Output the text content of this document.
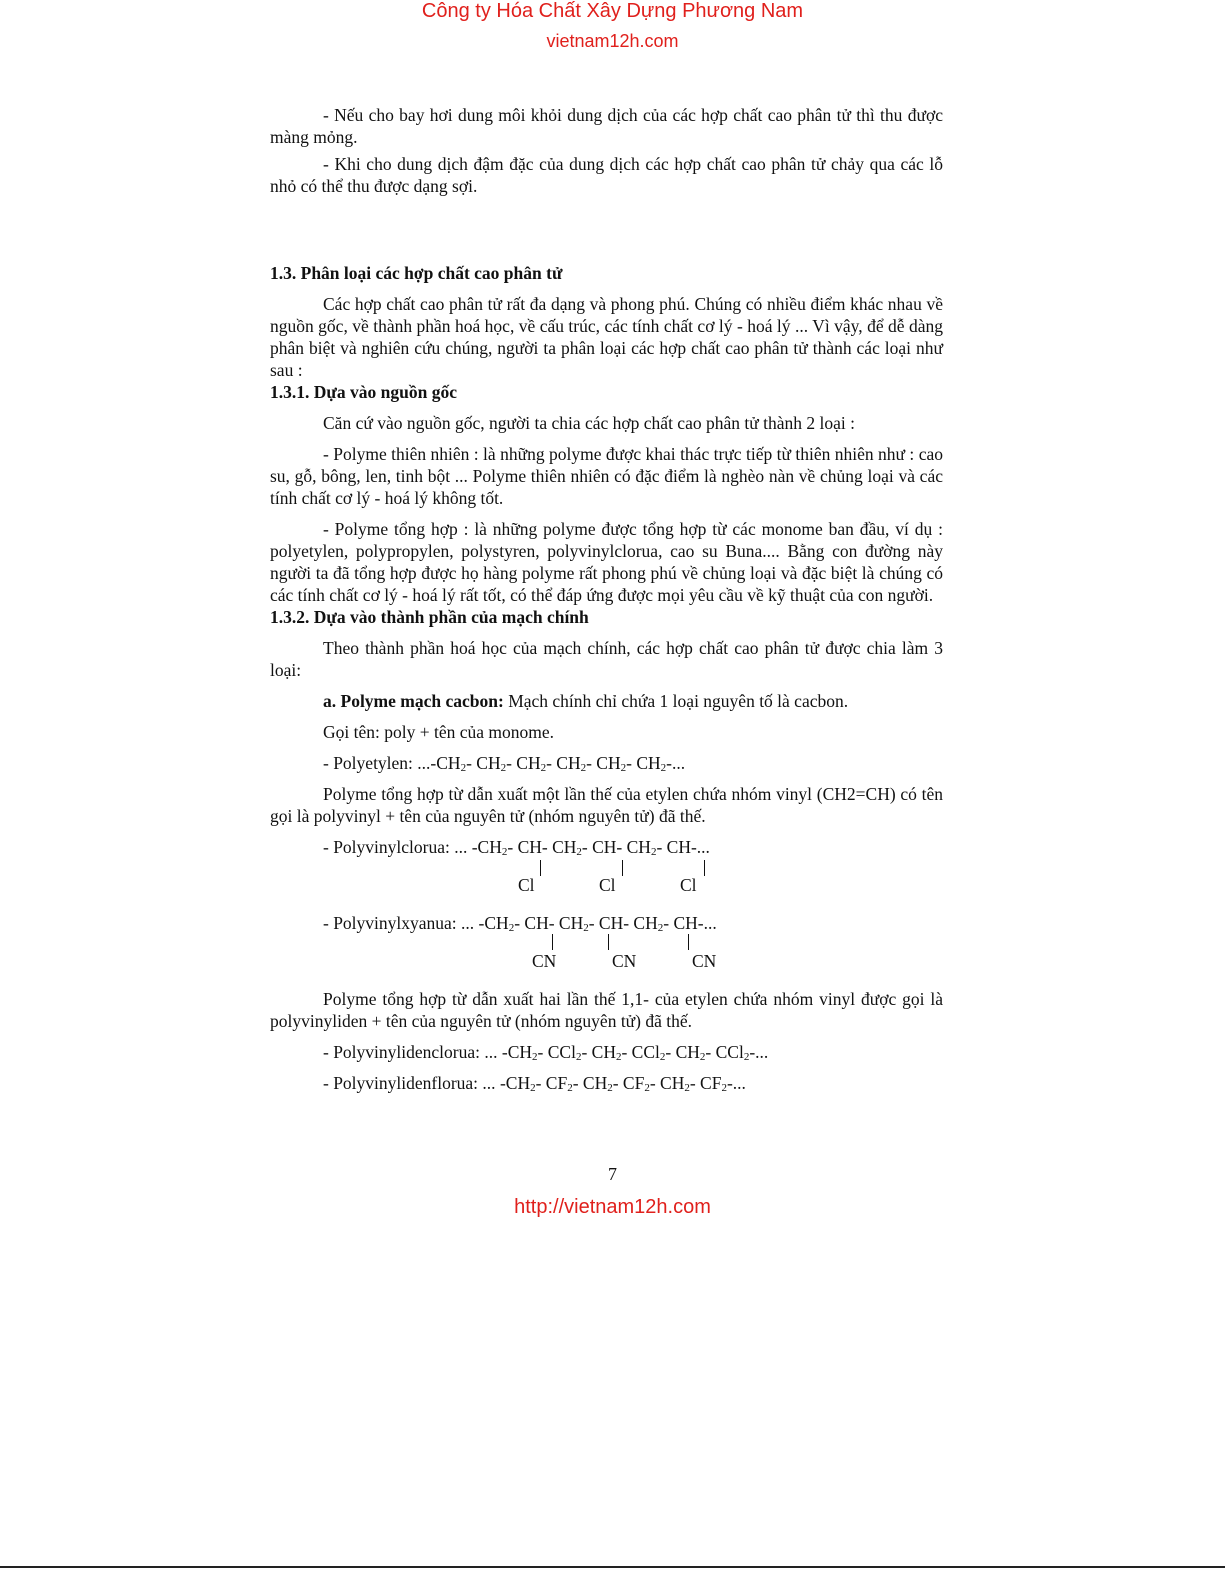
Công ty Hóa Chất Xây Dựng Phương Nam
vietnam12h.com

- Nếu cho bay hơi dung môi khỏi dung dịch của các hợp chất cao phân tử thì thu được màng mỏng.

- Khi cho dung dịch đậm đặc của dung dịch các hợp chất cao phân tử chảy qua các lỗ nhỏ có thể thu được dạng sợi.

1.3. Phân loại các hợp chất cao phân tử

Các hợp chất cao phân tử rất đa dạng và phong phú. Chúng có nhiều điểm khác nhau về nguồn gốc, về thành phần hoá học, về cấu trúc, các tính chất cơ lý - hoá lý ... Vì vậy, để dễ dàng phân biệt và nghiên cứu chúng, người ta phân loại các hợp chất cao phân tử thành các loại như sau :

1.3.1. Dựa vào nguồn gốc

Căn cứ vào nguồn gốc, người ta chia các hợp chất cao phân tử thành 2 loại :

- Polyme thiên nhiên : là những polyme được khai thác trực tiếp từ thiên nhiên như : cao su, gỗ, bông, len, tinh bột ... Polyme thiên nhiên có đặc điểm là nghèo nàn về chủng loại và các tính chất cơ lý - hoá lý không tốt.

- Polyme tổng hợp : là những polyme được tổng hợp từ các monome ban đầu, ví dụ : polyetylen, polypropylen, polystyren, polyvinylclorua, cao su Buna.... Bằng con đường này người ta đã tổng hợp được họ hàng polyme rất phong phú về chủng loại và đặc biệt là chúng có các tính chất cơ lý - hoá lý rất tốt, có thể đáp ứng được mọi yêu cầu về kỹ thuật của con người.

1.3.2. Dựa vào thành phần của mạch chính

Theo thành phần hoá học của mạch chính, các hợp chất cao phân tử được chia làm 3 loại:

a. Polyme mạch cacbon: Mạch chính chỉ chứa 1 loại nguyên tố là cacbon.

Gọi tên: poly + tên của monome.

- Polyetylen: $...-CH_2-$ $CH_2-$ $CH_2-$ $CH_2-$ $CH_2-$ $CH_2-$...

Polyme tổng hợp từ dẫn xuất một lần thế của etylen chứa nhóm vinyl (CH2=CH) có tên gọi là polyvinyl + tên của nguyên tử (nhóm nguyên tử) đã thế.

- Polyvinylclorua: ... $-CH_2-$ CH- $CH_2-$ CH- $CH_2-$ CH-...
Cl	Cl	Cl
- Polyvinylxyanua: ... $-CH_2-$ CH- $CH_2-$ CH- $CH_2-$ CH-...
CN	CN	CN

Polyme tổng hợp từ dẫn xuất hai lần thế 1,1- của etylen chứa nhóm vinyl được gọi là polyvinyliden + tên của nguyên tử (nhóm nguyên tử) đã thế.

- Polyvinylidenclorua: ... $-CH_2-$ CCl$_2$- $CH_2-$ CCl$_2$- $CH_2-$ CCl$_2$-...

- Polyvinylidenflorua: ... $-CH_2-$ $CF_2-$ $CH_2-$ $CF_2-$ $CH_2-$ $CF_2-$...

7
http://vietnam12h.com
